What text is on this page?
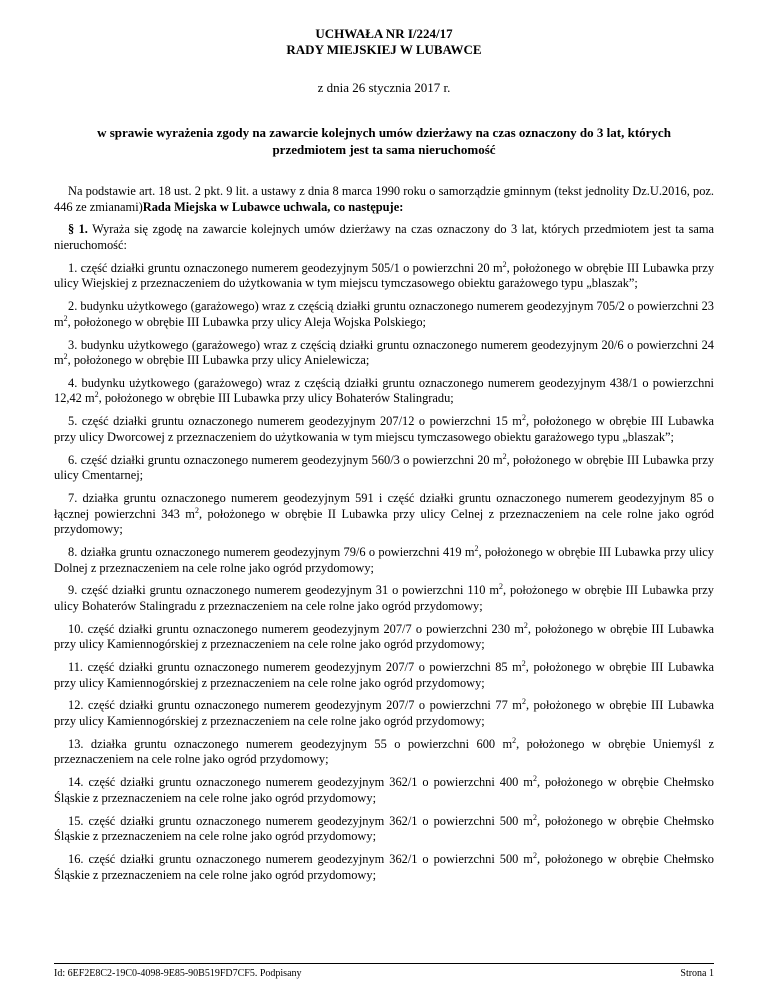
UCHWAŁA NR I/224/17
RADY MIEJSKIEJ W LUBAWCE
z dnia 26 stycznia 2017 r.
w sprawie wyrażenia zgody na zawarcie kolejnych umów dzierżawy na czas oznaczony do 3 lat, których
przedmiotem jest ta sama nieruchomość

Na podstawie art. 18 ust. 2 pkt. 9 lit. a ustawy z dnia 8 marca 1990 roku o samorządzie gminnym (tekst jednolity Dz.U.2016, poz. 446 ze zmianami)Rada Miejska w Lubawce uchwala, co następuje:

§ 1. Wyraża się zgodę na zawarcie kolejnych umów dzierżawy na czas oznaczony do 3 lat, których przedmiotem jest ta sama nieruchomość:

1. część działki gruntu oznaczonego numerem geodezyjnym 505/1 o powierzchni 20 $m^2$, położonego w obrębie III Lubawka przy ulicy Wiejskiej z przeznaczeniem do użytkowania w tym miejscu tymczasowego obiektu garażowego typu „blaszak”;

2. budynku użytkowego (garażowego) wraz z częścią działki gruntu oznaczonego numerem geodezyjnym 705/2 o powierzchni 23 $m^2$, położonego w obrębie III Lubawka przy ulicy Aleja Wojska Polskiego;

3. budynku użytkowego (garażowego) wraz z częścią działki gruntu oznaczonego numerem geodezyjnym 20/6 o powierzchni 24 $m^2$, położonego w obrębie III Lubawka przy ulicy Anielewicza;

4. budynku użytkowego (garażowego) wraz z częścią działki gruntu oznaczonego numerem geodezyjnym 438/1 o powierzchni 12,42 $m^2$, położonego w obrębie III Lubawka przy ulicy Bohaterów Stalingradu;

5. część działki gruntu oznaczonego numerem geodezyjnym 207/12 o powierzchni 15 $m^2$, położonego w obrębie III Lubawka przy ulicy Dworcowej z przeznaczeniem do użytkowania w tym miejscu tymczasowego obiektu garażowego typu „blaszak”;

6. część działki gruntu oznaczonego numerem geodezyjnym 560/3 o powierzchni 20 $m^2$, położonego w obrębie III Lubawka przy ulicy Cmentarnej;

7. działka gruntu oznaczonego numerem geodezyjnym 591 i część działki gruntu oznaczonego numerem geodezyjnym 85 o łącznej powierzchni 343 $m^2$, położonego w obrębie II Lubawka przy ulicy Celnej z przeznaczeniem na cele rolne jako ogród przydomowy;

8. działka gruntu oznaczonego numerem geodezyjnym 79/6 o powierzchni 419 $m^2$, położonego w obrębie III Lubawka przy ulicy Dolnej z przeznaczeniem na cele rolne jako ogród przydomowy;

9. część działki gruntu oznaczonego numerem geodezyjnym 31 o powierzchni 110 $m^2$, położonego w obrębie III Lubawka przy ulicy Bohaterów Stalingradu z przeznaczeniem na cele rolne jako ogród przydomowy;

10. część działki gruntu oznaczonego numerem geodezyjnym 207/7 o powierzchni 230 $m^2$, położonego w obrębie III Lubawka przy ulicy Kamiennogórskiej z przeznaczeniem na cele rolne jako ogród przydomowy;

11. część działki gruntu oznaczonego numerem geodezyjnym 207/7 o powierzchni 85 $m^2$, położonego w obrębie III Lubawka przy ulicy Kamiennogórskiej z przeznaczeniem na cele rolne jako ogród przydomowy;

12. część działki gruntu oznaczonego numerem geodezyjnym 207/7 o powierzchni 77 $m^2$, położonego w obrębie III Lubawka przy ulicy Kamiennogórskiej z przeznaczeniem na cele rolne jako ogród przydomowy;

13. działka gruntu oznaczonego numerem geodezyjnym 55 o powierzchni 600 $m^2$, położonego w obrębie Uniemyśl z przeznaczeniem na cele rolne jako ogród przydomowy;

14. część działki gruntu oznaczonego numerem geodezyjnym 362/1 o powierzchni 400 $m^2$, położonego w obrębie Chełmsko Śląskie z przeznaczeniem na cele rolne jako ogród przydomowy;

15. część działki gruntu oznaczonego numerem geodezyjnym 362/1 o powierzchni 500 $m^2$, położonego w obrębie Chełmsko Śląskie z przeznaczeniem na cele rolne jako ogród przydomowy;

16. część działki gruntu oznaczonego numerem geodezyjnym 362/1 o powierzchni 500 $m^2$, położonego w obrębie Chełmsko Śląskie z przeznaczeniem na cele rolne jako ogród przydomowy;

Id: 6EF2E8C2-19C0-4098-9E85-90B519FD7CF5. Podpisany	Strona 1
